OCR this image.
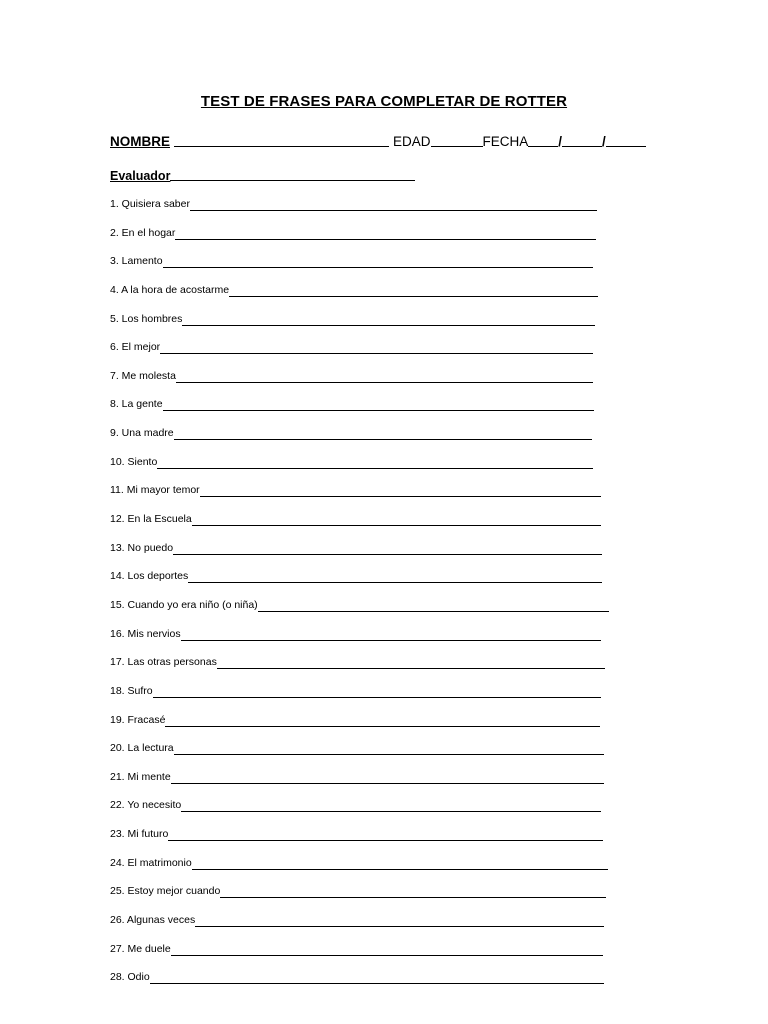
TEST DE FRASES PARA COMPLETAR DE ROTTER
NOMBRE	EDAD	FECHA /	/
Evaluador
1. Quisiera saber
2. En el hogar
3. Lamento
4. A la hora de acostarme
5. Los hombres
6. El mejor
7. Me molesta
8. La gente
9. Una madre
10. Siento
11. Mi mayor temor
12. En la Escuela
13. No puedo
14. Los deportes
15. Cuando yo era niño (o niña)
16. Mis nervios
17. Las otras personas
18. Sufro
19. Fracasé
20. La lectura
21. Mi mente
22. Yo necesito
23. Mi futuro
24. El matrimonio
25. Estoy mejor cuando
26. Algunas veces
27. Me duele
28. Odio
